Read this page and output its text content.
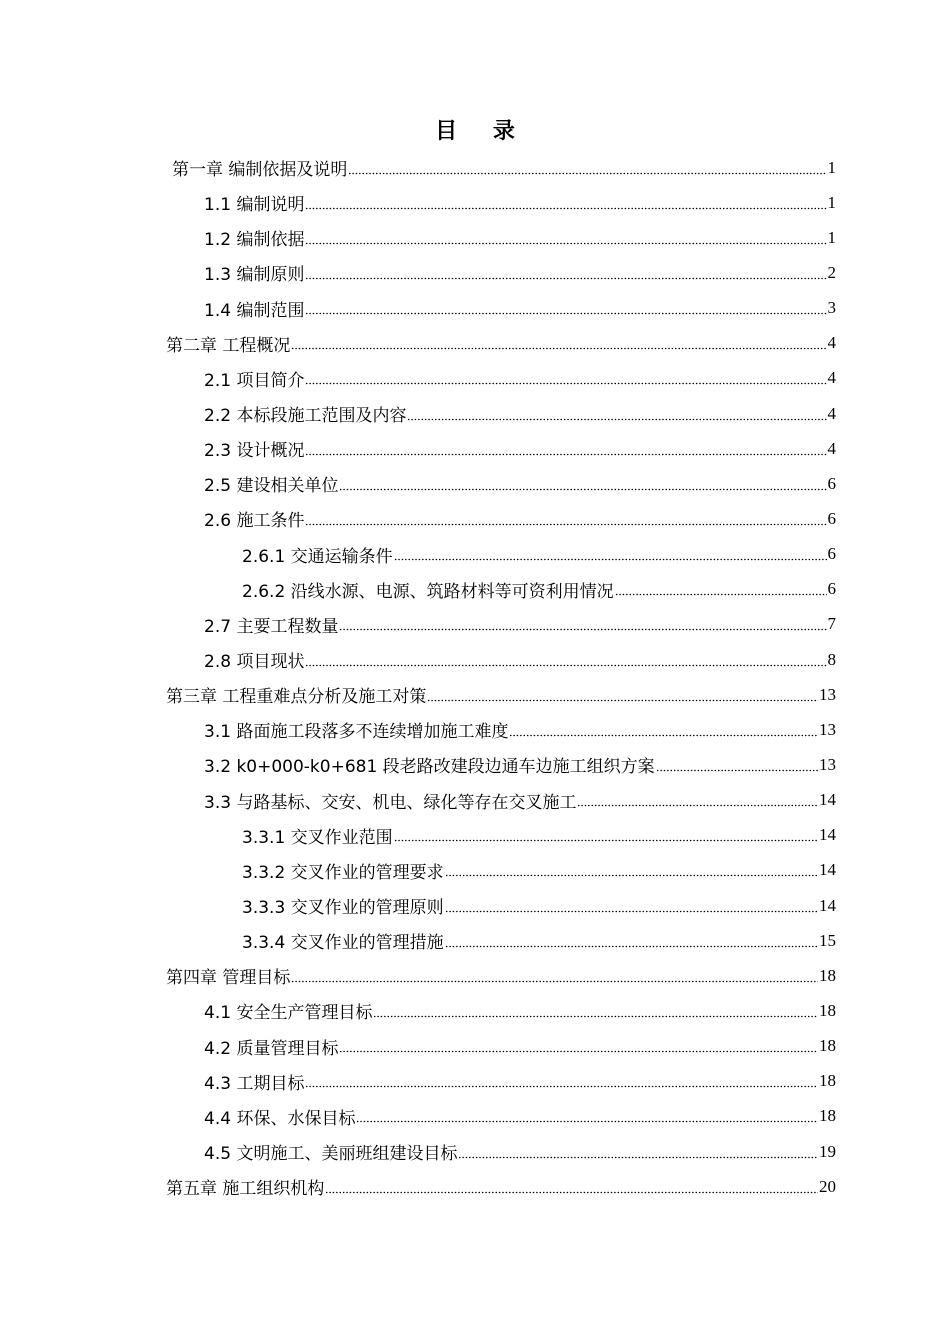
目 录
第一章 编制依据及说明	1
1.1 编制说明	1
1.2 编制依据	1
1.3 编制原则	2
1.4 编制范围	3
第二章 工程概况	4
2.1 项目简介	4
2.2 本标段施工范围及内容	4
2.3 设计概况	4
2.5 建设相关单位	6
2.6 施工条件	6
2.6.1 交通运输条件	6
2.6.2 沿线水源、电源、筑路材料等可资利用情况	6
2.7 主要工程数量	7
2.8 项目现状	8
第三章 工程重难点分析及施工对策	13
3.1 路面施工段落多不连续增加施工难度	13
3.2 k0+000-k0+681 段老路改建段边通车边施工组织方案	13
3.3 与路基标、交安、机电、绿化等存在交叉施工	14
3.3.1 交叉作业范围	14
3.3.2 交叉作业的管理要求	14
3.3.3 交叉作业的管理原则	14
3.3.4 交叉作业的管理措施	15
第四章 管理目标	18
4.1 安全生产管理目标	18
4.2 质量管理目标	18
4.3 工期目标	18
4.4 环保、水保目标	18
4.5 文明施工、美丽班组建设目标	19
第五章 施工组织机构	20
